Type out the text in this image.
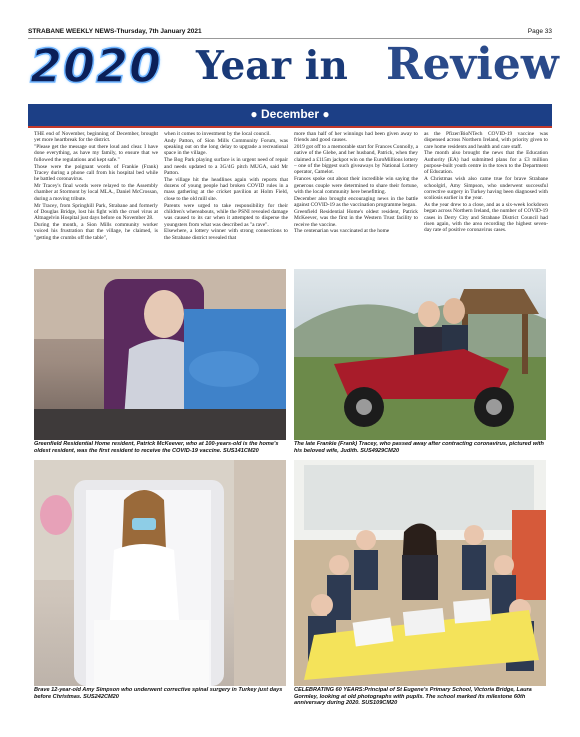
STRABANE WEEKLY NEWS-Thursday, 7th January 2021	Page 33
2020 Year in Review
● December ●

THE end of November, beginning of December, brought yet more heartbreak for the district.

"Please get the message out there loud and clear. I have done everything, as have my family, to ensure that we followed the regulations and kept safe."

Those were the poignant words of Frankie (Frank) Tracey during a phone call from his hospital bed while he battled coronavirus.

Mr Tracey's final words were relayed to the Assembly chamber at Stormont by local MLA., Daniel McCrossan, during a moving tribute.

Mr Tracey, from Springhill Park, Strabane and formerly of Douglas Bridge, lost his fight with the cruel virus at Altnagelvin Hospital just days before on November 28.

During the month, a Sion Mills community worker voiced his frustration that the village, he claimed, is "getting the crumbs off the table",

when it comes to investment by the local council.

Andy Patton, of Sion Mills Community Forum, was speaking out on the long delay to upgrade a recreational space in the village.

The Bog Park playing surface is in urgent need of repair and needs updated to a 3G/4G pitch MUGA, said Mr Patton.

The village hit the headlines again with reports that dozens of young people had broken COVID rules in a mass gathering at the cricket pavilion at Holm Field, close to the old mill site.

Parents were urged to take responsibility for their children's whereabouts, while the PSNI revealed damage was caused to its car when it attempted to disperse the youngsters from what was described as "a rave".

Elsewhere, a lottery winner with strong connections to the Strabane district revealed that

more than half of her winnings had been given away to friends and good causes.

2019 got off to a memorable start for Frances Connolly, a native of the Glebe, and her husband, Patrick, when they claimed a £115m jackpot win on the EuroMillions lottery – one of the biggest such giveaways by National Lottery operator, Camelot.

Frances spoke out about their incredible win saying the generous couple were determined to share their fortune, with the local community here benefitting.

December also brought encouraging news in the battle against COVID-19 as the vaccination programme began.

Greenfield Residential Home's oldest resident, Patrick McKeever, was the first in the Western Trust facility to receive the vaccine.

The centenarian was vaccinated at the home

as the Pfizer/BioNTech COVID-19 vaccine was dispensed across Northern Ireland, with priority given to care home residents and health and care staff.

The month also brought the news that the Education Authority (EA) had submitted plans for a £3 million purpose-built youth centre in the town to the Department of Education.

A Christmas wish also came true for brave Strabane schoolgirl, Amy Simpson, who underwent successful corrective surgery in Turkey having been diagnosed with scoliosis earlier in the year.

As the year drew to a close, and as a six-week lockdown began across Northern Ireland, the number of COVID-19 cases in Derry City and Strabane District Council had risen again, with the area recording the highest seven-day rate of positive coronavirus cases.

Greenfield Residential Home resident, Patrick McKeever, who at 100-years-old is the home's oldest resident, was the first resident to receive the COVID-19 vaccine. SUS141CM20
The late Frankie (Frank) Tracey, who passed away after contracting coronavirus, pictured with his beloved wife, Judith. SUS4929CM20
Brave 12-year-old Amy Simpson who underwent corrective spinal surgery in Turkey just days before Christmas. SUS242CM20
CELEBRATING 60 YEARS:Principal of St Eugene's Primary School, Victoria Bridge, Laura Gormley, looking at old photographs with pupils. The school marked its milestone 60th anniversary during 2020. SUS109CM20
